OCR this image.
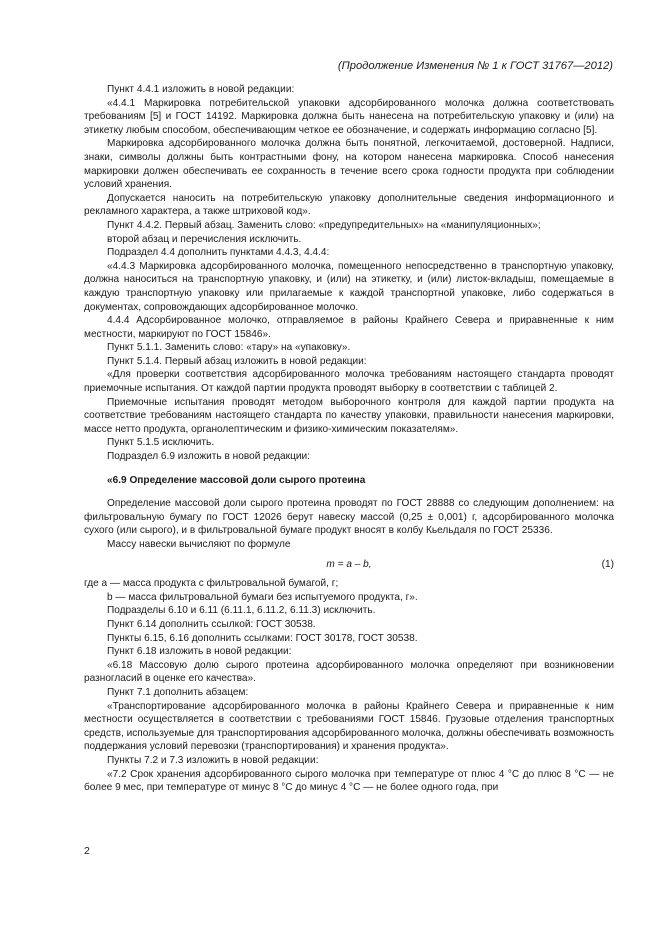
(Продолжение Изменения № 1 к ГОСТ 31767—2012)

Пункт 4.4.1 изложить в новой редакции:

«4.4.1 Маркировка потребительской упаковки адсорбированного молочка должна соответствовать требованиям [5] и ГОСТ 14192. Маркировка должна быть нанесена на потребительскую упаковку и (или) на этикетку любым способом, обеспечивающим четкое ее обозначение, и содержать информацию согласно [5].

Маркировка адсорбированного молочка должна быть понятной, легкочитаемой, достоверной. Надписи, знаки, символы должны быть контрастными фону, на котором нанесена маркировка. Способ нанесения маркировки должен обеспечивать ее сохранность в течение всего срока годности продукта при соблюдении условий хранения.

Допускается наносить на потребительскую упаковку дополнительные сведения информационного и рекламного характера, а также штриховой код».

Пункт 4.4.2. Первый абзац. Заменить слово: «предупредительных» на «манипуляционных»;

второй абзац и перечисления исключить.

Подраздел 4.4 дополнить пунктами 4.4.3, 4.4.4:

«4.4.3 Маркировка адсорбированного молочка, помещенного непосредственно в транспортную упаковку, должна наноситься на транспортную упаковку, и (или) на этикетку, и (или) листок-вкладыш, помещаемые в каждую транспортную упаковку или прилагаемые к каждой транспортной упаковке, либо содержаться в документах, сопровождающих адсорбированное молочко.

4.4.4 Адсорбированное молочко, отправляемое в районы Крайнего Севера и приравненные к ним местности, маркируют по ГОСТ 15846».

Пункт 5.1.1. Заменить слово: «тару» на «упаковку».

Пункт 5.1.4. Первый абзац изложить в новой редакции:

«Для проверки соответствия адсорбированного молочка требованиям настоящего стандарта проводят приемочные испытания. От каждой партии продукта проводят выборку в соответствии с таблицей 2.

Приемочные испытания проводят методом выборочного контроля для каждой партии продукта на соответствие требованиям настоящего стандарта по качеству упаковки, правильности нанесения маркировки, массе нетто продукта, органолептическим и физико-химическим показателям».

Пункт 5.1.5 исключить.

Подраздел 6.9 изложить в новой редакции:

«6.9 Определение массовой доли сырого протеина

Определение массовой доли сырого протеина проводят по ГОСТ 28888 со следующим дополнением: на фильтровальную бумагу по ГОСТ 12026 берут навеску массой (0,25 ± 0,001) г, адсорбированного молочка сухого (или сырого), и в фильтровальной бумаге продукт вносят в колбу Кьельдаля по ГОСТ 25336.

Массу навески вычисляют по формуле

m = a – b,	(1)

где a — масса продукта с фильтровальной бумагой, г;

b — масса фильтровальной бумаги без испытуемого продукта, г».

Подразделы 6.10 и 6.11 (6.11.1, 6.11.2, 6.11.3) исключить.

Пункт 6.14 дополнить ссылкой: ГОСТ 30538.

Пункты 6.15, 6.16 дополнить ссылками: ГОСТ 30178, ГОСТ 30538.

Пункт 6.18 изложить в новой редакции:

«6.18 Массовую долю сырого протеина адсорбированного молочка определяют при возникновении разногласий в оценке его качества».

Пункт 7.1 дополнить абзацем:

«Транспортирование адсорбированного молочка в районы Крайнего Севера и приравненные к ним местности осуществляется в соответствии с требованиями ГОСТ 15846. Грузовые отделения транспортных средств, используемые для транспортирования адсорбированного молочка, должны обеспечивать возможность поддержания условий перевозки (транспортирования) и хранения продукта».

Пункты 7.2 и 7.3 изложить в новой редакции:

«7.2 Срок хранения адсорбированного сырого молочка при температуре от плюс 4 °С до плюс 8 °С — не более 9 мес, при температуре от минус 8 °С до минус 4 °С — не более одного года, при

2
